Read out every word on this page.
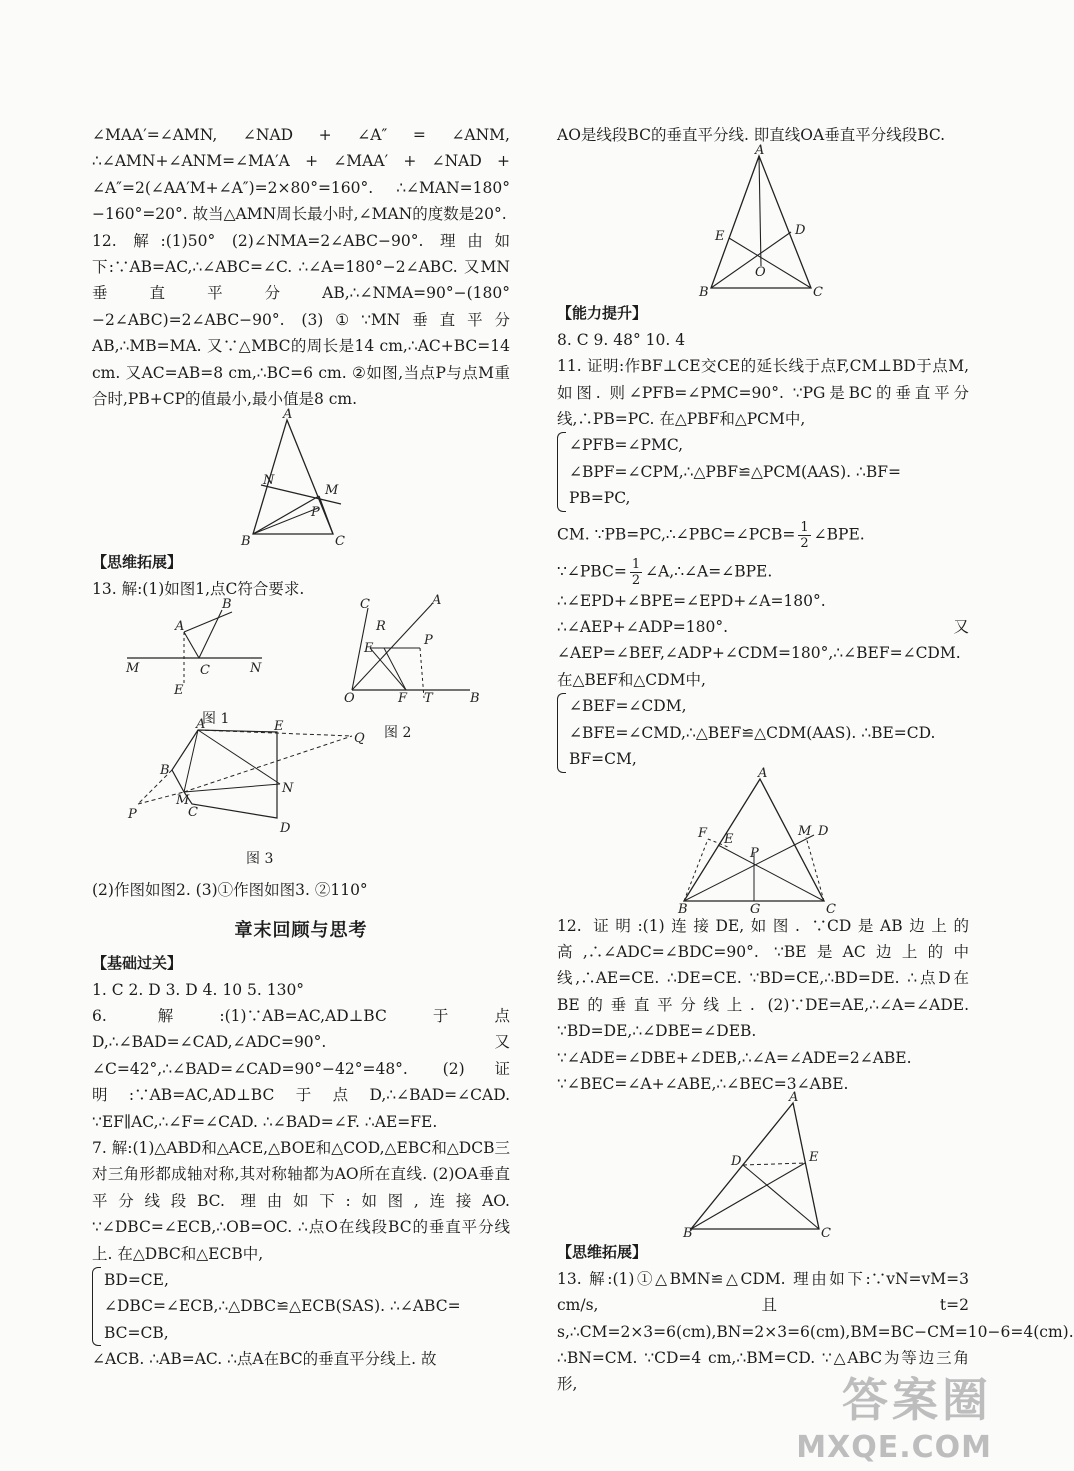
∠MAA′=∠AMN, ∠NAD + ∠A″ = ∠ANM, ∴∠AMN+∠ANM=∠MA′A + ∠MAA′ + ∠NAD + ∠A″=2(∠AA′M+∠A″)=2×80°=160°. ∴∠MAN=180°−160°=20°. 故当△AMN周长最小时,∠MAN的度数是20°.

12. 解:(1)50° (2)∠NMA=2∠ABC−90°. 理由如下:∵AB=AC,∴∠ABC=∠C. ∴∠A=180°−2∠ABC. 又MN垂直平分AB,∴∠NMA=90°−(180°−2∠ABC)=2∠ABC−90°. (3)①∵MN垂直平分AB,∴MB=MA. 又∵△MBC的周长是14 cm,∴AC+BC=14 cm. 又AC=AB=8 cm,∴BC=6 cm. ②如图,当点P与点M重合时,PB+CP的值最小,最小值是8 cm.

A
B	C
N
M
P
【思维拓展】

13. 解:(1)如图1,点C符合要求.

A
B
C
M	N
E
C	A
O	F T	B
E
P
R
图 1
图 2
A	E
Q
B
M
C
P
N
D
图 3

(2)作图如图2. (3)①作图如图3. ②110°

章末回顾与思考
【基础过关】

1. C 2. D 3. D 4. 10 5. 130°

6. 解:(1)∵AB=AC,AD⊥BC于点D,∴∠BAD=∠CAD,∠ADC=90°. 又∠C=42°,∴∠BAD=∠CAD=90°−42°=48°. (2)证明:∵AB=AC,AD⊥BC于点D,∴∠BAD=∠CAD. ∵EF∥AC,∴∠F=∠CAD. ∴∠BAD=∠F. ∴AE=FE.

7. 解:(1)△ABD和△ACE,△BOE和△COD,△EBC和△DCB三对三角形都成轴对称,其对称轴都为AO所在直线. (2)OA垂直平分线段BC. 理由如下:如图,连接AO. ∵∠DBC=∠ECB,∴OB=OC. ∴点O在线段BC的垂直平分线上. 在△DBC和△ECB中,

BD=CE,
∠DBC=∠ECB,∴△DBC≌△ECB(SAS). ∴∠ABC=
BC=CB,

∠ACB. ∴AB=AC. ∴点A在BC的垂直平分线上. 故

AO是线段BC的垂直平分线. 即直线OA垂直平分线段BC.

A
B	C
E	D
O
【能力提升】

8. C 9. 48° 10. 4

11. 证明:作BF⊥CE交CE的延长线于点F,CM⊥BD于点M,如图. 则∠PFB=∠PMC=90°. ∵PG是BC的垂直平分线,∴PB=PC. 在△PBF和△PCM中,

∠PFB=∠PMC,
∠BPF=∠CPM,∴△PBF≌△PCM(AAS). ∴BF=
PB=PC,

CM. ∵PB=PC,∴∠PBC=∠PCB= $\frac{1}{2}$ ∠BPE.

∵∠PBC= $\frac{1}{2}$ ∠A,∴∠A=∠BPE. ∴∠EPD+∠BPE=∠EPD+∠A=180°. ∴∠AEP+∠ADP=180°. 又∠AEP=∠BEF,∠ADP+∠CDM=180°,∴∠BEF=∠CDM. 在△BEF和△CDM中,

∠BEF=∠CDM,
∠BFE=∠CMD,∴△BEF≌△CDM(AAS). ∴BE=CD.
BF=CM,
A
B	C
F E
M D
P
G

12. 证明:(1)连接DE,如图. ∵CD是AB边上的高,∴∠ADC=∠BDC=90°. ∵BE是AC边上的中线,∴AE=CE. ∴DE=CE. ∵BD=CE,∴BD=DE. ∴点D在BE的垂直平分线上. (2)∵DE=AE,∴∠A=∠ADE. ∵BD=DE,∴∠DBE=∠DEB. ∵∠ADE=∠DBE+∠DEB,∴∠A=∠ADE=2∠ABE. ∵∠BEC=∠A+∠ABE,∴∠BEC=3∠ABE.

A
B	C
D	E
【思维拓展】

13. 解:(1)①△BMN≌△CDM. 理由如下:∵vN=vM=3 cm/s,且t=2 s,∴CM=2×3=6(cm),BN=2×3=6(cm),BM=BC−CM=10−6=4(cm). ∴BN=CM. ∵CD=4 cm,∴BM=CD. ∵△ABC为等边三角形,	答案圈
MXQE.COM
